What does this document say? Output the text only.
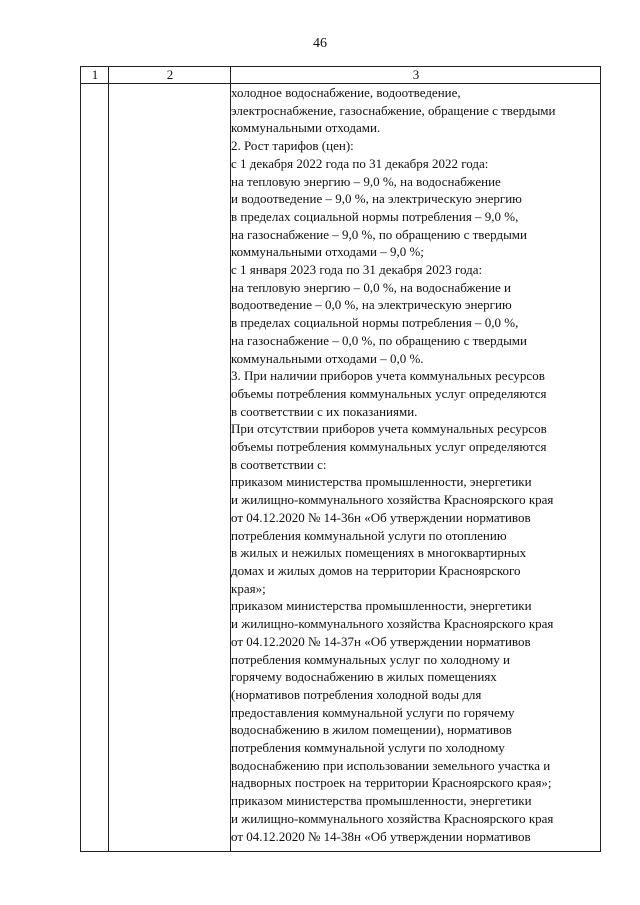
46
1	2	3
холодное водоснабжение, водоотведение,
электроснабжение, газоснабжение, обращение с твердыми
коммунальными отходами.
2. Рост тарифов (цен):
с 1 декабря 2022 года по 31 декабря 2022 года:
на тепловую энергию – 9,0 %, на водоснабжение
и водоотведение – 9,0 %, на электрическую энергию
в пределах социальной нормы потребления – 9,0 %,
на газоснабжение – 9,0 %, по обращению с твердыми
коммунальными отходами – 9,0 %;
с 1 января 2023 года по 31 декабря 2023 года:
на тепловую энергию – 0,0 %, на водоснабжение и
водоотведение – 0,0 %, на электрическую энергию
в пределах социальной нормы потребления – 0,0 %,
на газоснабжение – 0,0 %, по обращению с твердыми
коммунальными отходами – 0,0 %.
3. При наличии приборов учета коммунальных ресурсов
объемы потребления коммунальных услуг определяются
в соответствии с их показаниями.
При отсутствии приборов учета коммунальных ресурсов
объемы потребления коммунальных услуг определяются
в соответствии с:
приказом министерства промышленности, энергетики
и жилищно-коммунального хозяйства Красноярского края
от 04.12.2020 № 14-36н «Об утверждении нормативов
потребления коммунальной услуги по отоплению
в жилых и нежилых помещениях в многоквартирных
домах и жилых домов на территории Красноярского
края»;
приказом министерства промышленности, энергетики
и жилищно-коммунального хозяйства Красноярского края
от 04.12.2020 № 14-37н «Об утверждении нормативов
потребления коммунальных услуг по холодному и
горячему водоснабжению в жилых помещениях
(нормативов потребления холодной воды для
предоставления коммунальной услуги по горячему
водоснабжению в жилом помещении), нормативов
потребления коммунальной услуги по холодному
водоснабжению при использовании земельного участка и
надворных построек на территории Красноярского края»;
приказом министерства промышленности, энергетики
и жилищно-коммунального хозяйства Красноярского края
от 04.12.2020 № 14-38н «Об утверждении нормативов
